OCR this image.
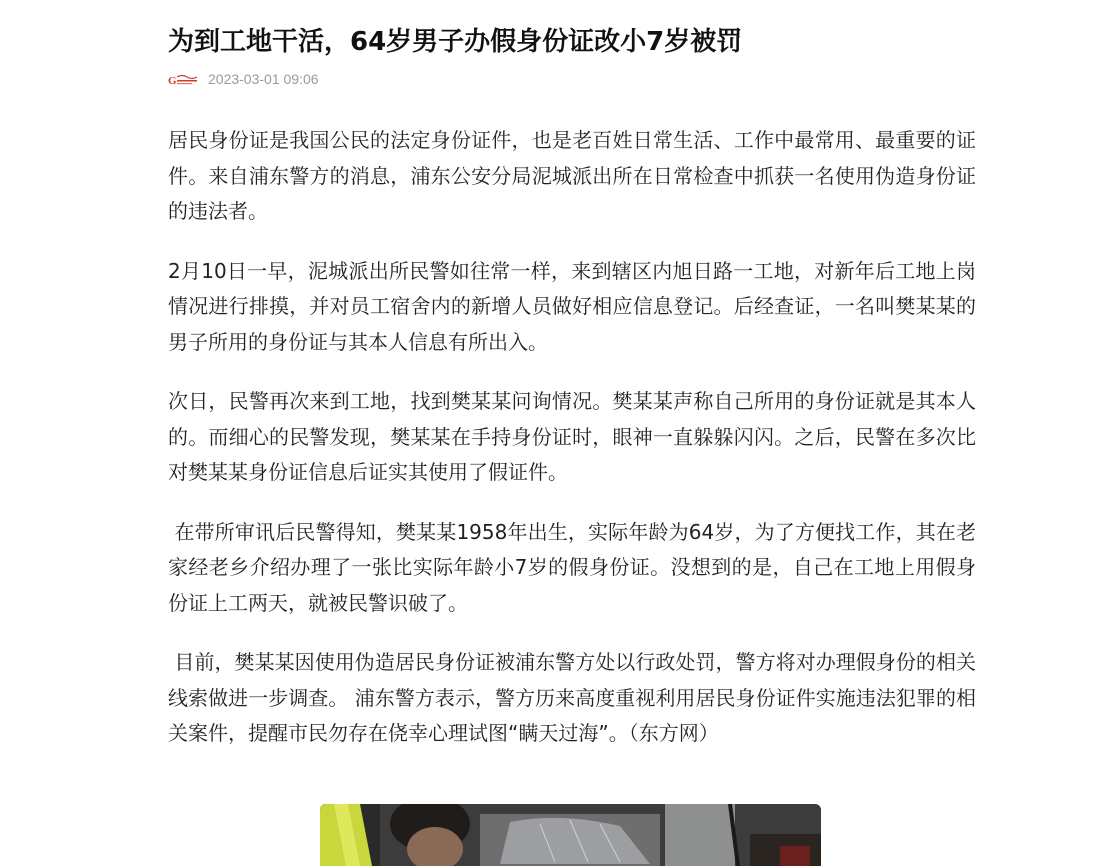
为到工地干活，64岁男子办假身份证改小7岁被罚
G 2023-03-01 09:06

居民身份证是我国公民的法定身份证件，也是老百姓日常生活、工作中最常用、最重要的证件。来自浦东警方的消息，浦东公安分局泥城派出所在日常检查中抓获一名使用伪造身份证的违法者。

2月10日一早，泥城派出所民警如往常一样，来到辖区内旭日路一工地，对新年后工地上岗情况进行排摸，并对员工宿舍内的新增人员做好相应信息登记。后经查证，一名叫樊某某的男子所用的身份证与其本人信息有所出入。

次日，民警再次来到工地，找到樊某某问询情况。樊某某声称自己所用的身份证就是其本人的。而细心的民警发现，樊某某在手持身份证时，眼神一直躲躲闪闪。之后，民警在多次比对樊某某身份证信息后证实其使用了假证件。

在带所审讯后民警得知，樊某某1958年出生，实际年龄为64岁，为了方便找工作，其在老家经老乡介绍办理了一张比实际年龄小7岁的假身份证。没想到的是，自己在工地上用假身份证上工两天，就被民警识破了。

目前，樊某某因使用伪造居民身份证被浦东警方处以行政处罚，警方将对办理假身份的相关线索做进一步调查。 浦东警方表示，警方历来高度重视利用居民身份证件实施违法犯罪的相关案件，提醒市民勿存在侥幸心理试图“瞒天过海”。（东方网）
